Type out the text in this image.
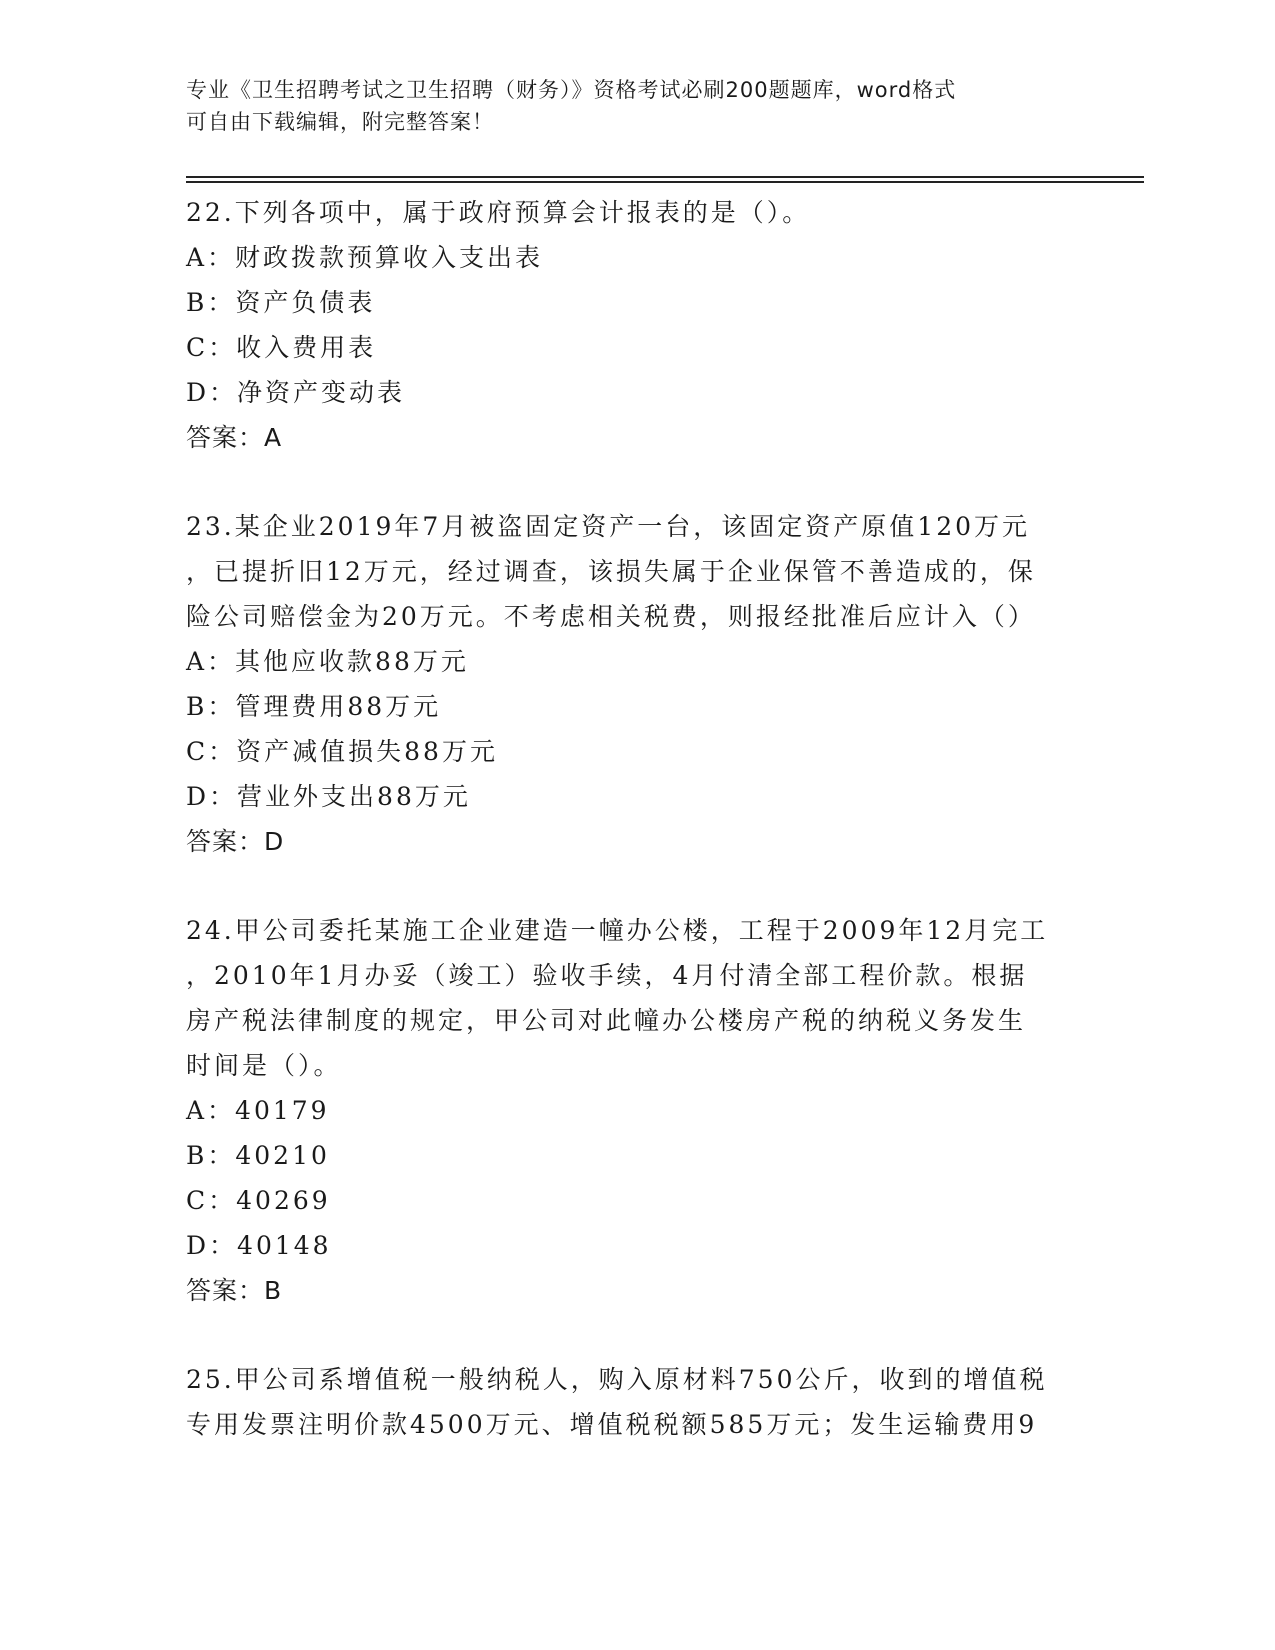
专业《卫生招聘考试之卫生招聘（财务）》资格考试必刷200题题库，word格式
可自由下载编辑，附完整答案！
22.下列各项中，属于政府预算会计报表的是（）。
A：财政拨款预算收入支出表
B：资产负债表
C：收入费用表
D：净资产变动表
答案：A
23.某企业2019年7月被盗固定资产一台，该固定资产原值120万元
，已提折旧12万元，经过调查，该损失属于企业保管不善造成的，保
险公司赔偿金为20万元。不考虑相关税费，则报经批准后应计入（）
A：其他应收款88万元
B：管理费用88万元
C：资产减值损失88万元
D：营业外支出88万元
答案：D
24.甲公司委托某施工企业建造一幢办公楼，工程于2009年12月完工
，2010年1月办妥（竣工）验收手续，4月付清全部工程价款。根据
房产税法律制度的规定，甲公司对此幢办公楼房产税的纳税义务发生
时间是（）。
A：40179
B：40210
C：40269
D：40148
答案：B
25.甲公司系增值税一般纳税人，购入原材料750公斤，收到的增值税
专用发票注明价款4500万元、增值税税额585万元；发生运输费用9
